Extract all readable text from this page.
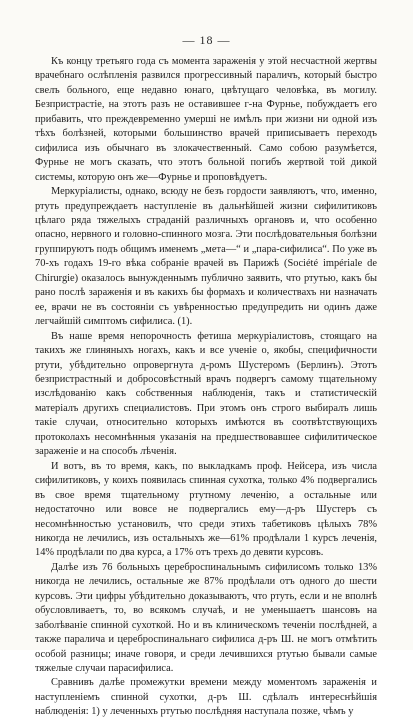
— 18 —

Къ концу третьяго года съ момента зараженія у этой несчастной жертвы врачебнаго ослѣпленія развился прогрессивный параличъ, который быстро свелъ больного, еще недавно юнаго, цвѣтущаго человѣка, въ могилу. Безпристрастіе, на этотъ разъ не оставившее г-на Фурнье, побуждаетъ его прибавить, что преждевременно умерші не имѣлъ при жизни ни одной изъ тѣхъ болѣзней, которыми большинство врачей приписываетъ переходъ сифилиса изъ обычнаго въ злокачественный. Само собою разумѣется, Фурнье не могъ сказать, что этотъ больной погибъ жертвой той дикой системы, которую онъ же—Фурнье и проповѣдуетъ.

Меркуріалисты, однако, всюду не безъ гордости заявляютъ, что, именно, ртуть предупреждаетъ наступленіе въ дальнѣйшей жизни сифилитиковъ цѣлаго ряда тяжелыхъ страданій различныхъ органовъ и, что особенно опасно, нервного и головно-спинного мозга. Эти послѣдовательныя болѣзни группируютъ подъ общимъ именемъ „мета—“ и „пара-сифилиса“. По уже въ 70-хъ годахъ 19-го вѣка собраніе врачей въ Парижѣ (Société impériale de Chirurgie) оказалось вынужденнымъ публично заявить, что ртутью, какъ бы рано послѣ зараженія и въ какихъ бы формахъ и количествахъ ни назначать ее, врачи не въ состояніи съ увѣренностью предупредить ни одинъ даже легчайшій симптомъ сифилиса. (1).

Въ наше время непорочность фетиша меркуріалистовъ, стоящаго на такихъ же глиняныхъ ногахъ, какъ и все ученіе о, якобы, специфичности ртути, убѣдительно опровергнута д-ромъ Шустеромъ (Берлинъ). Этотъ безпристрастный и добросовѣстный врачъ подвергъ самому тщательному изслѣдованію какъ собственныя наблюденія, такъ и статистическій матеріалъ другихъ специалистовъ. При этомъ онъ строго выбиралъ лишь такіе случаи, относительно которыхъ имѣются въ соотвѣтствующихъ протоколахъ несомнѣнныя указанія на предшествовавшее сифилитическое зараженіе и на способъ лѣченія.

И вотъ, въ то время, какъ, по выкладкамъ проф. Нейсера, изъ числа сифилитиковъ, у коихъ появилась спинная сухотка, только 4% подвергались въ свое время тщательному ртутному леченію, а остальные или недостаточно или вовсе не подвергались ему—д-ръ Шустеръ съ несомнѣнностью установилъ, что среди этихъ табетиковъ цѣлыхъ 78% никогда не лечились, изъ остальныхъ же—61% продѣлали 1 курсъ леченія, 14% продѣлали по два курса, а 17% отъ трехъ до девяти курсовъ.

Далѣе изъ 76 больныхъ цереброспинальнымъ сифилисомъ только 13% никогда не лечились, остальные же 87% продѣлали отъ одного до шести курсовъ. Эти цифры убѣдительно доказываютъ, что ртуть, если и не вполнѣ обусловливаетъ, то, во всякомъ случаѣ, и не уменьшаетъ шансовъ на заболѣваніе спинной сухоткой. Но и въ клиническомъ теченіи послѣдней, а также паралича и цереброспинальнаго сифилиса д-ръ Ш. не могъ отмѣтить особой разницы; иначе говоря, и среди лечившихся ртутью бывали самые тяжелые случаи парасифилиса.

Сравнивъ далѣе промежутки времени между моментомъ зараженія и наступленіемъ спинной сухотки, д-ръ Ш. сдѣлалъ интереснѣйшія наблюденія: 1) у леченныхъ ртутью послѣдняя наступала позже, чѣмъ у
